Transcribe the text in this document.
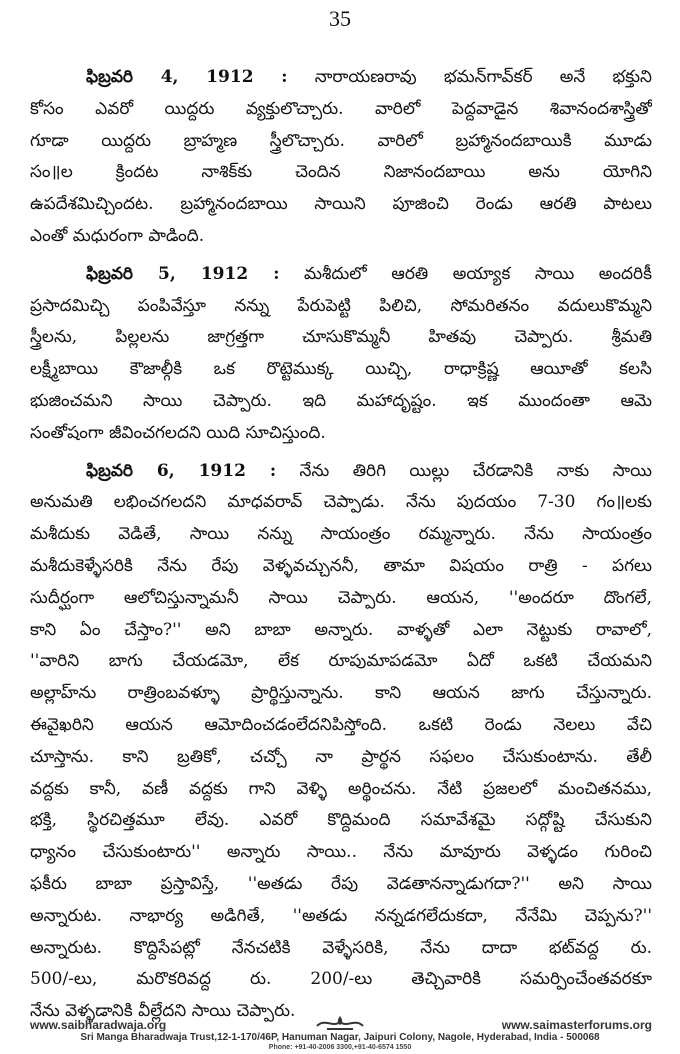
35
ఫిబ్రవరి 4, 1912 : నారాయణరావు భమన్‌గావ్‌కర్ అనే భక్తుని
కోసం ఎవరో యిద్దరు వ్యక్తులొచ్చారు. వారిలో పెద్దవాడైన శివానందశాస్త్రితో
గూడా యిద్దరు బ్రాహ్మణ స్త్రీలొచ్చారు. వారిలో బ్రహ్మానందబాయికి మూడు
సం॥ల క్రిందట నాశిక్‌కు చెందిన నిజానందబాయి అను యోగిని
ఉపదేశమిచ్చిందట. బ్రహ్మానందబాయి సాయిని పూజించి రెండు ఆరతి పాటలు
ఎంతో మధురంగా పాడింది.
ఫిబ్రవరి 5, 1912 : మశీదులో ఆరతి అయ్యాక సాయి అందరికీ
ప్రసాదమిచ్చి పంపివేస్తూ నన్ను పేరుపెట్టి పిలిచి, సోమరితనం వదులుకొమ్మని
స్త్రీలను, పిల్లలను జాగ్రత్తగా చూసుకొమ్మనీ హితవు చెప్పారు. శ్రీమతి
లక్ష్మీబాయి కౌజాల్గీకి ఒక రొట్టెముక్క యిచ్చి, రాధాక్రిష్ణ ఆయీతో కలసి
భుజించమని సాయి చెప్పారు. ఇది మహాదృష్టం. ఇక ముందంతా ఆమె
సంతోషంగా జీవించగలదని యిది సూచిస్తుంది.
ఫిబ్రవరి 6, 1912 : నేను తిరిగి యిల్లు చేరడానికి నాకు సాయి
అనుమతి లభించగలదని మాధవరావ్ చెప్పాడు. నేను పుదయం 7-30 గం॥లకు
మశీదుకు వెడితే, సాయి నన్ను సాయంత్రం రమ్మన్నారు. నేను సాయంత్రం
మశీదుకెళ్ళేసరికి నేను రేపు వెళ్ళవచ్చుననీ, తామా విషయం రాత్రి - పగలు
సుదీర్ఘంగా ఆలోచిస్తున్నామనీ సాయి చెప్పారు. ఆయన, ''అందరూ దొంగలే,
కాని ఏం చేస్తాం?'' అని బాబా అన్నారు. వాళ్ళతో ఎలా నెట్టుకు రావాలో,
''వారిని బాగు చేయడమో, లేక రూపుమాపడమో ఏదో ఒకటి చేయమని
అల్లాహ్‌ను రాత్రింబవళ్ళూ ప్రార్థిస్తున్నాను. కాని ఆయన జాగు చేస్తున్నారు.
ఈవైఖరిని ఆయన ఆమోదించడంలేదనిపిస్తోంది. ఒకటి రెండు నెలలు వేచి
చూస్తాను. కాని బ్రతికో, చచ్చో నా ప్రార్థన సఫలం చేసుకుంటాను. తేలీ
వద్దకు కానీ, వణీ వద్దకు గాని వెళ్ళి అర్థించను. నేటి ప్రజలలో మంచితనము,
భక్తి, స్థిరచిత్తమూ లేవు. ఎవరో కొద్దిమంది సమావేశమై సద్గోష్టి చేసుకుని
ధ్యానం చేసుకుంటారు'' అన్నారు సాయి.. నేను మావూరు వెళ్ళడం గురించి
ఫకీరు బాబా ప్రస్తావిస్తే, ''అతడు రేపు వెడతానన్నాడుగదా?'' అని సాయి
అన్నారుట. నాభార్య అడిగితే, ''అతడు నన్నడగలేదుకదా, నేనేమి చెప్పను?''
అన్నారుట. కొద్దిసేపట్లో నేనచటికి వెళ్ళేసరికి, నేను దాదా భట్‌వద్ద రు.
500/-లు, మరొకరివద్ద రు. 200/-లు తెచ్చివారికి సమర్పించేంతవరకూ
నేను వెళ్ళడానికి వీల్లేదని సాయి చెప్పారు.
www.saibharadwaja.org	www.saimasterforums.org
Sri Manga Bharadwaja Trust,12-1-170/46P, Hanuman Nagar, Jaipuri Colony, Nagole, Hyderabad, India - 500068
Phone: +91-40-2006 3300,+91-40-6574 1550
